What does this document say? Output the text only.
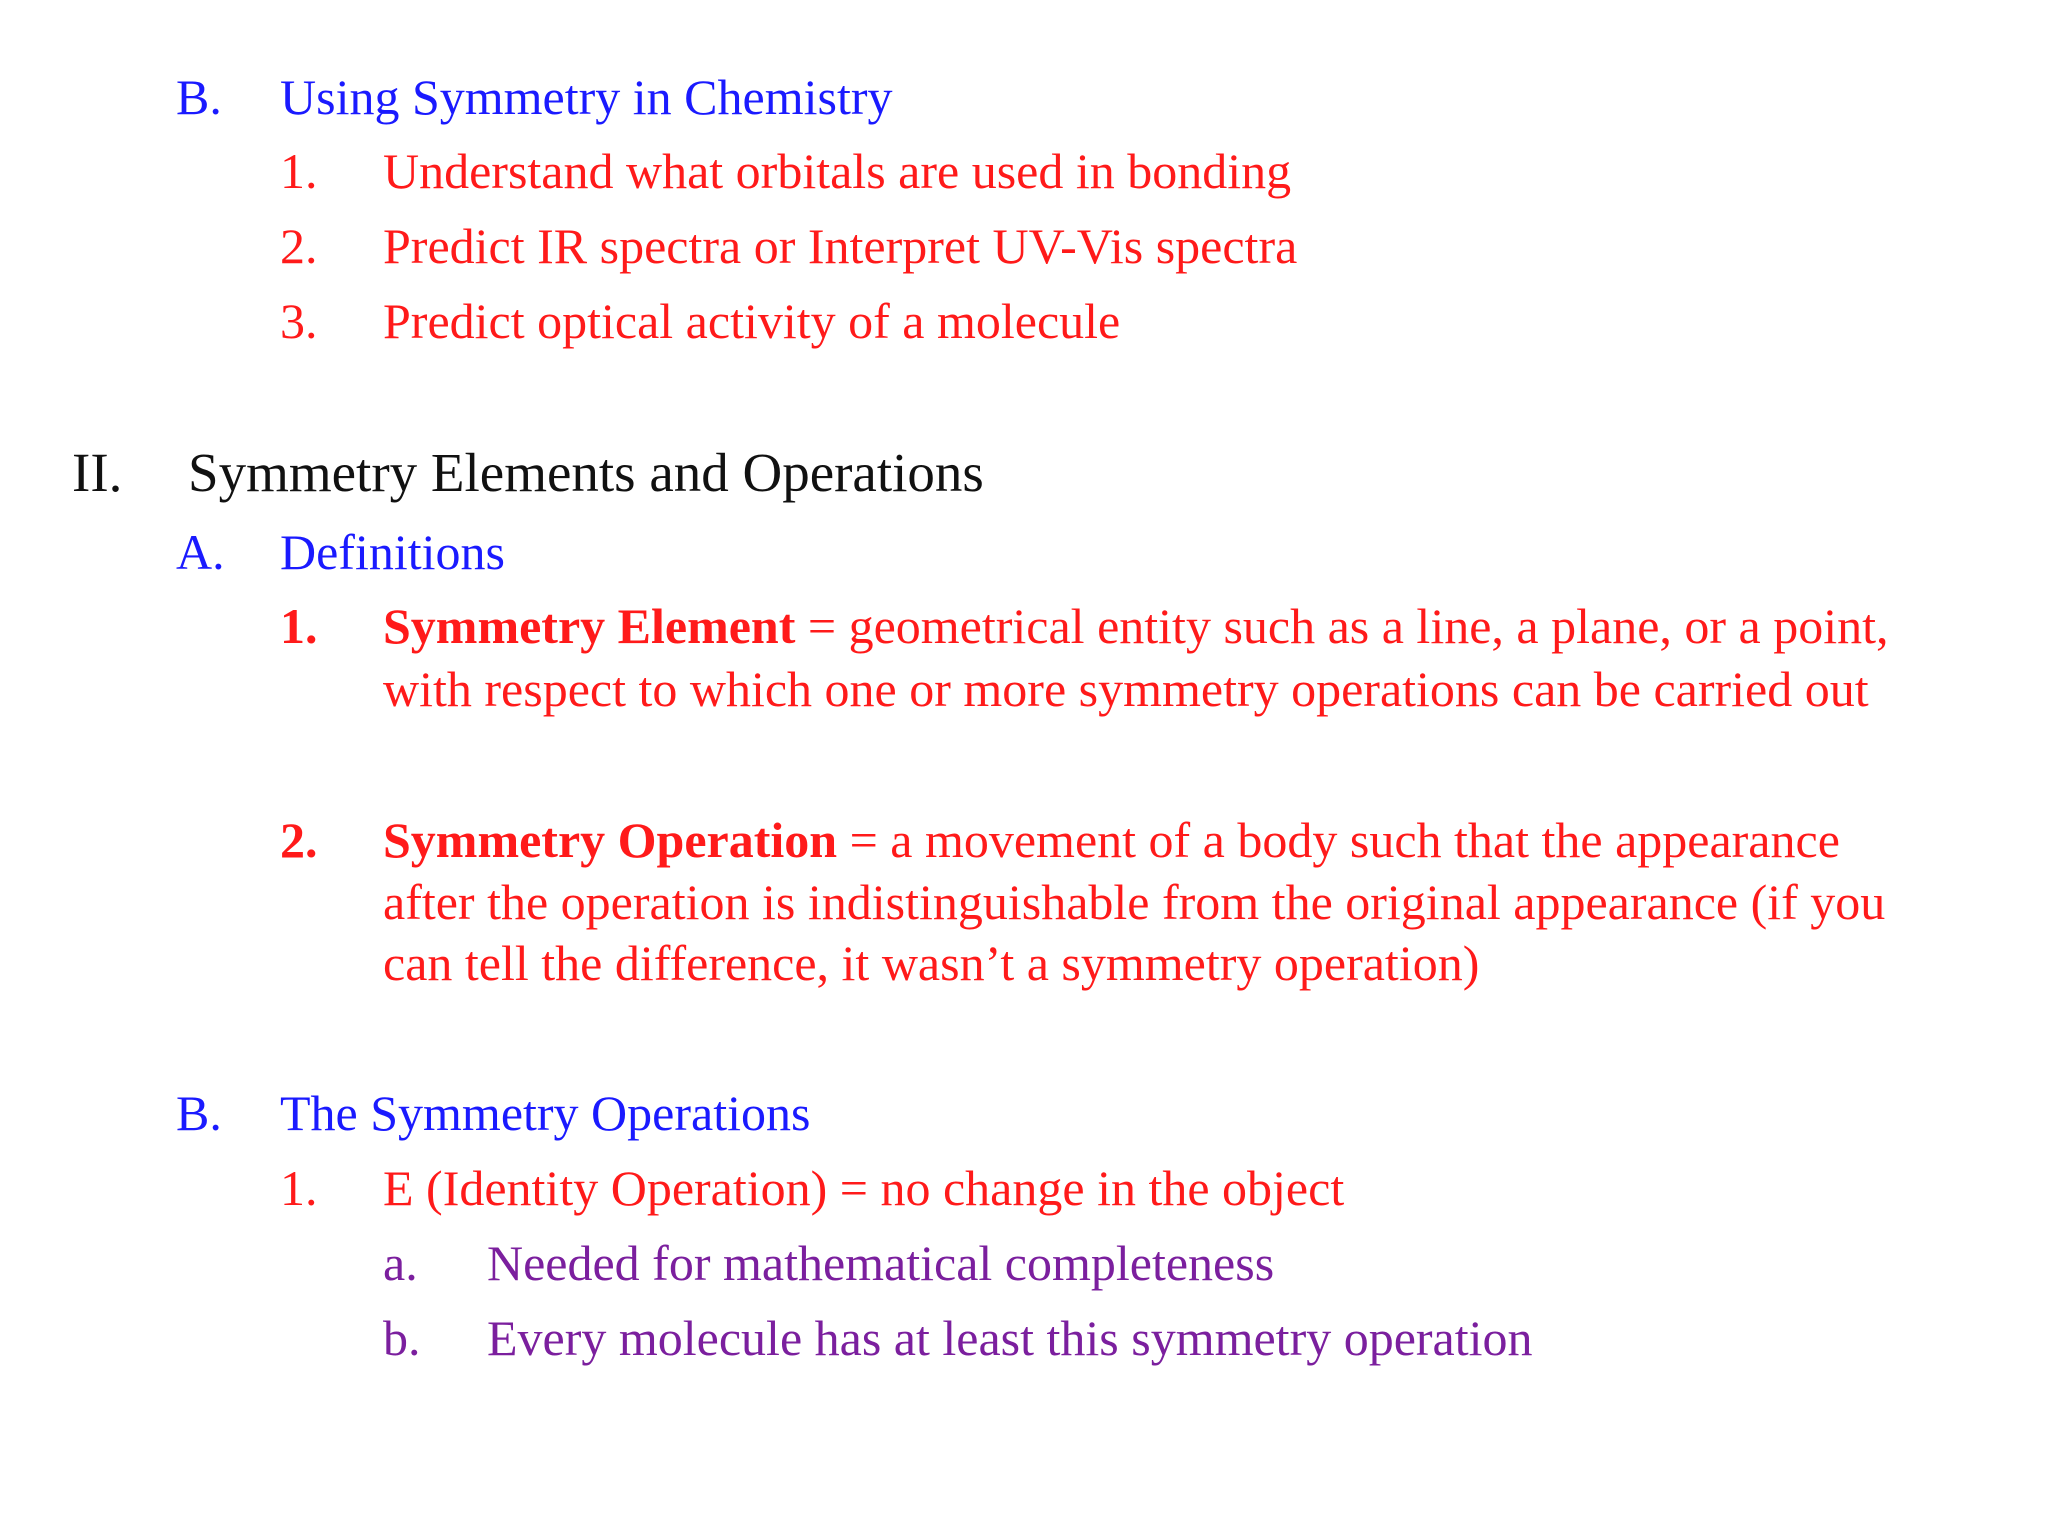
B. Using Symmetry in Chemistry
1. Understand what orbitals are used in bonding
2. Predict IR spectra or Interpret UV-Vis spectra
3. Predict optical activity of a molecule
II. Symmetry Elements and Operations
A. Definitions
1. Symmetry Element = geometrical entity such as a line, a plane, or a point,
with respect to which one or more symmetry operations can be carried out
2. Symmetry Operation = a movement of a body such that the appearance
after the operation is indistinguishable from the original appearance (if you
can tell the difference, it wasn’t a symmetry operation)
B. The Symmetry Operations
1. E (Identity Operation) = no change in the object
a. Needed for mathematical completeness
b. Every molecule has at least this symmetry operation
